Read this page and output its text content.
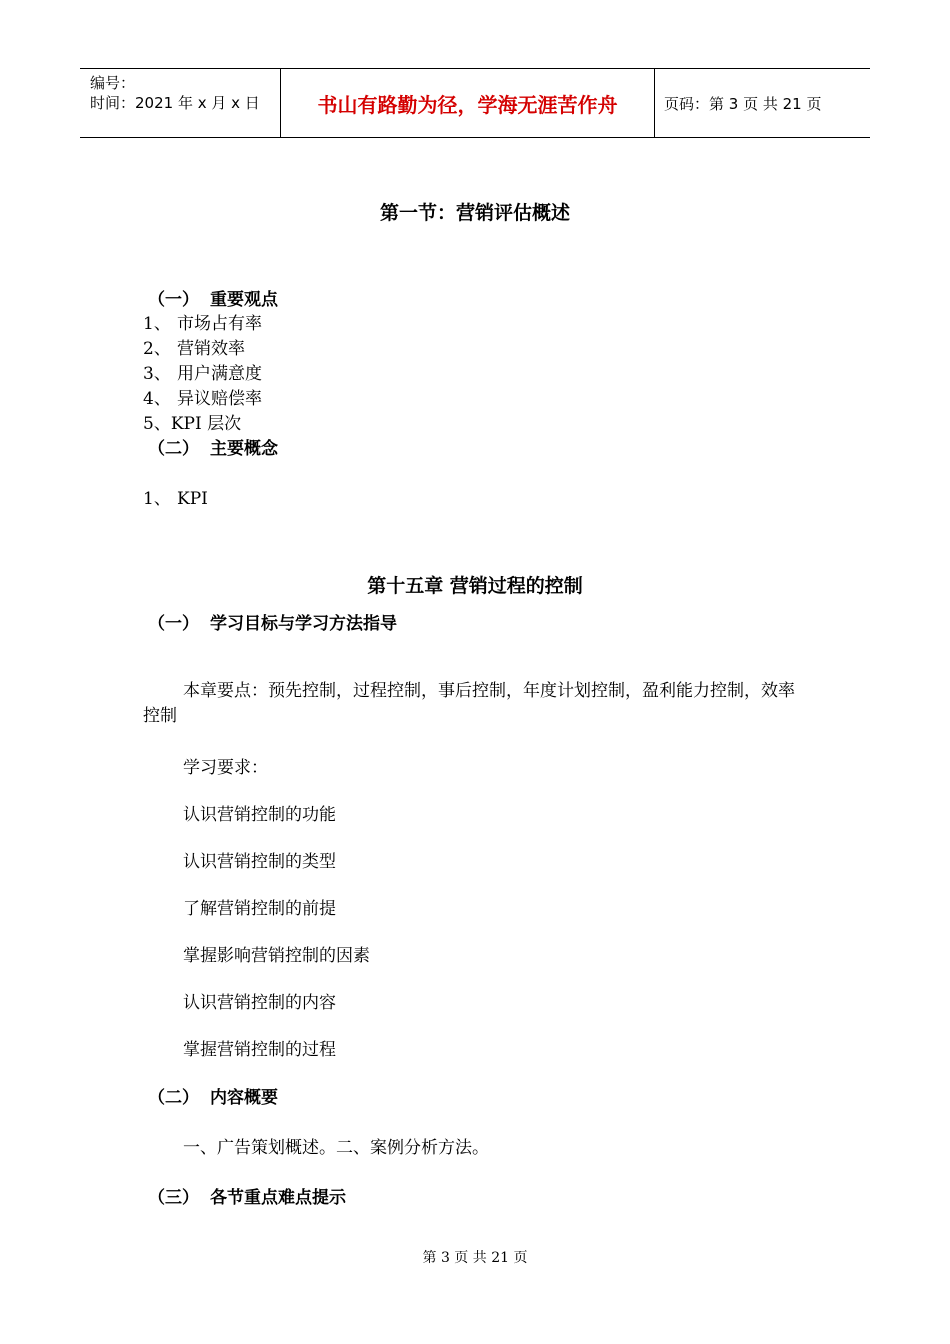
编号：
时间：2021 年 x 月 x 日	书山有路勤为径，学海无涯苦作舟	页码：第 3 页 共 21 页
第一节：营销评估概述
（一） 重要观点
1、 市场占有率
2、 营销效率
3、 用户满意度
4、 异议赔偿率
5、KPI 层次
（二） 主要概念
1、 KPI
第十五章 营销过程的控制
（一） 学习目标与学习方法指导
本章要点：预先控制，过程控制，事后控制，年度计划控制，盈利能力控制，效率控制
学习要求：
认识营销控制的功能
认识营销控制的类型
了解营销控制的前提
掌握影响营销控制的因素
认识营销控制的内容
掌握营销控制的过程
（二） 内容概要
一、广告策划概述。二、案例分析方法。
（三） 各节重点难点提示
第 3 页 共 21 页
